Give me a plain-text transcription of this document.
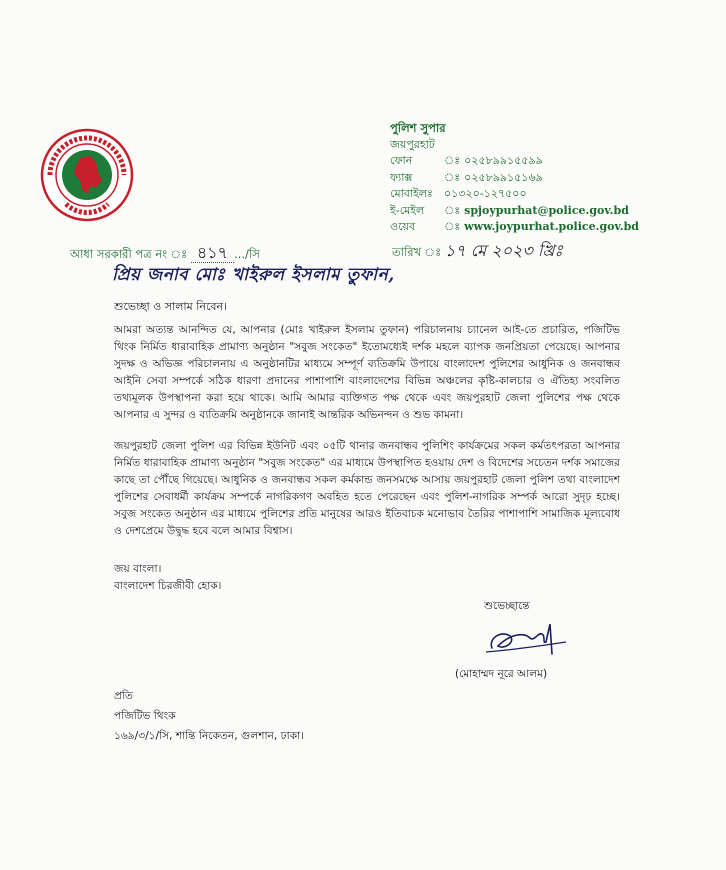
পুলিশ সুপার
জয়পুরহাট
ফোন	ঃ ০২৫৮৯৯১৫৫৯৯
ফ্যাক্স	ঃ ০২৫৮৯৯১৫১৬৯
মোবাইলঃ	০১৩২০-১২৭৫০০
ই-মেইল	ঃ spjoypurhat@police.gov.bd
ওয়েব	ঃ www.joypurhat.police.gov.bd
আধা সরকারী পত্র নং ঃ ৪১৭ .../সি	তারিখ ঃ ১৭ মে ২০২৩ খ্রিঃ
প্রিয় জনাব মোঃ খাইরুল ইসলাম তুফান,
শুভেচ্ছা ও সালাম নিবেন।
আমরা অত্যন্ত আনন্দিত যে, আপনার (মোঃ খাইরুল ইসলাম তুফান) পরিচালনায় চ্যানেল আই-তে প্রচারিত, পজিটিভ থিংক নির্মিত ধারাবাহিক প্রামাণ্য অনুষ্ঠান "সবুজ সংকেত" ইতোমধ্যেই দর্শক মহলে ব্যাপক জনপ্রিয়তা পেয়েছে। আপনার সুদক্ষ ও অভিজ্ঞ পরিচালনায় এ অনুষ্ঠানটির মাধ্যমে সম্পূর্ণ ব্যতিক্রমি উপায়ে বাংলাদেশ পুলিশের আধুনিক ও জনবান্ধব আইনি সেবা সম্পর্কে সঠিক ধারণা প্রদানের পাশাপাশি বাংলাদেশের বিভিন্ন অঞ্চলের কৃষ্টি-কালচার ও ঐতিহ্য সংবলিত তথ্যমূলক উপস্থাপনা করা হয়ে থাকে। আমি আমার ব্যক্তিগত পক্ষ থেকে এবং জয়পুরহাট জেলা পুলিশের পক্ষ থেকে আপনার এ সুন্দর ও ব্যতিক্রমি অনুষ্ঠানকে জানাই আন্তরিক অভিনন্দন ও শুভ কামনা।
জয়পুরহাট জেলা পুলিশ এর বিভিন্ন ইউনিট এবং ০৫টি থানার জনবান্ধব পুলিশিং কার্যক্রমের সকল কর্মতৎপরতা আপনার নির্মিত ধারাবাহিক প্রামাণ্য অনুষ্ঠান "সবুজ সংকেত" এর মাধ্যমে উপস্থাপিত হওয়ায় দেশ ও বিদেশের সচেতন দর্শক সমাজের কাছে তা পৌঁছে গিয়েছে। আধুনিক ও জনবান্ধব সকল কর্মকান্ড জনসমক্ষে আসায় জয়পুরহাট জেলা পুলিশ তথা বাংলাদেশ পুলিশের সেবাধর্মী কার্যক্রম সম্পর্কে নাগরিকগণ অবহিত হতে পেরেছেন এবং পুলিশ-নাগরিক সম্পর্ক আরো সুদৃঢ় হচ্ছে। সবুজ সংকেত অনুষ্ঠান এর মাধ্যমে পুলিশের প্রতি মানুষের আরও ইতিবাচক মনোভাব তৈরির পাশাপাশি সামাজিক মূল্যবোধ ও দেশপ্রেমে উদ্বুদ্ধ হবে বলে আমার বিশ্বাস।
জয় বাংলা।
বাংলাদেশ চিরজীবী হোক।
শুভেচ্ছান্তে
(মোহাম্মদ নূরে আলম)
প্রতি
পজিটিভ থিংক
১৬৯/৩/১/সি, শান্তি নিকেতন, গুলশান, ঢাকা।
